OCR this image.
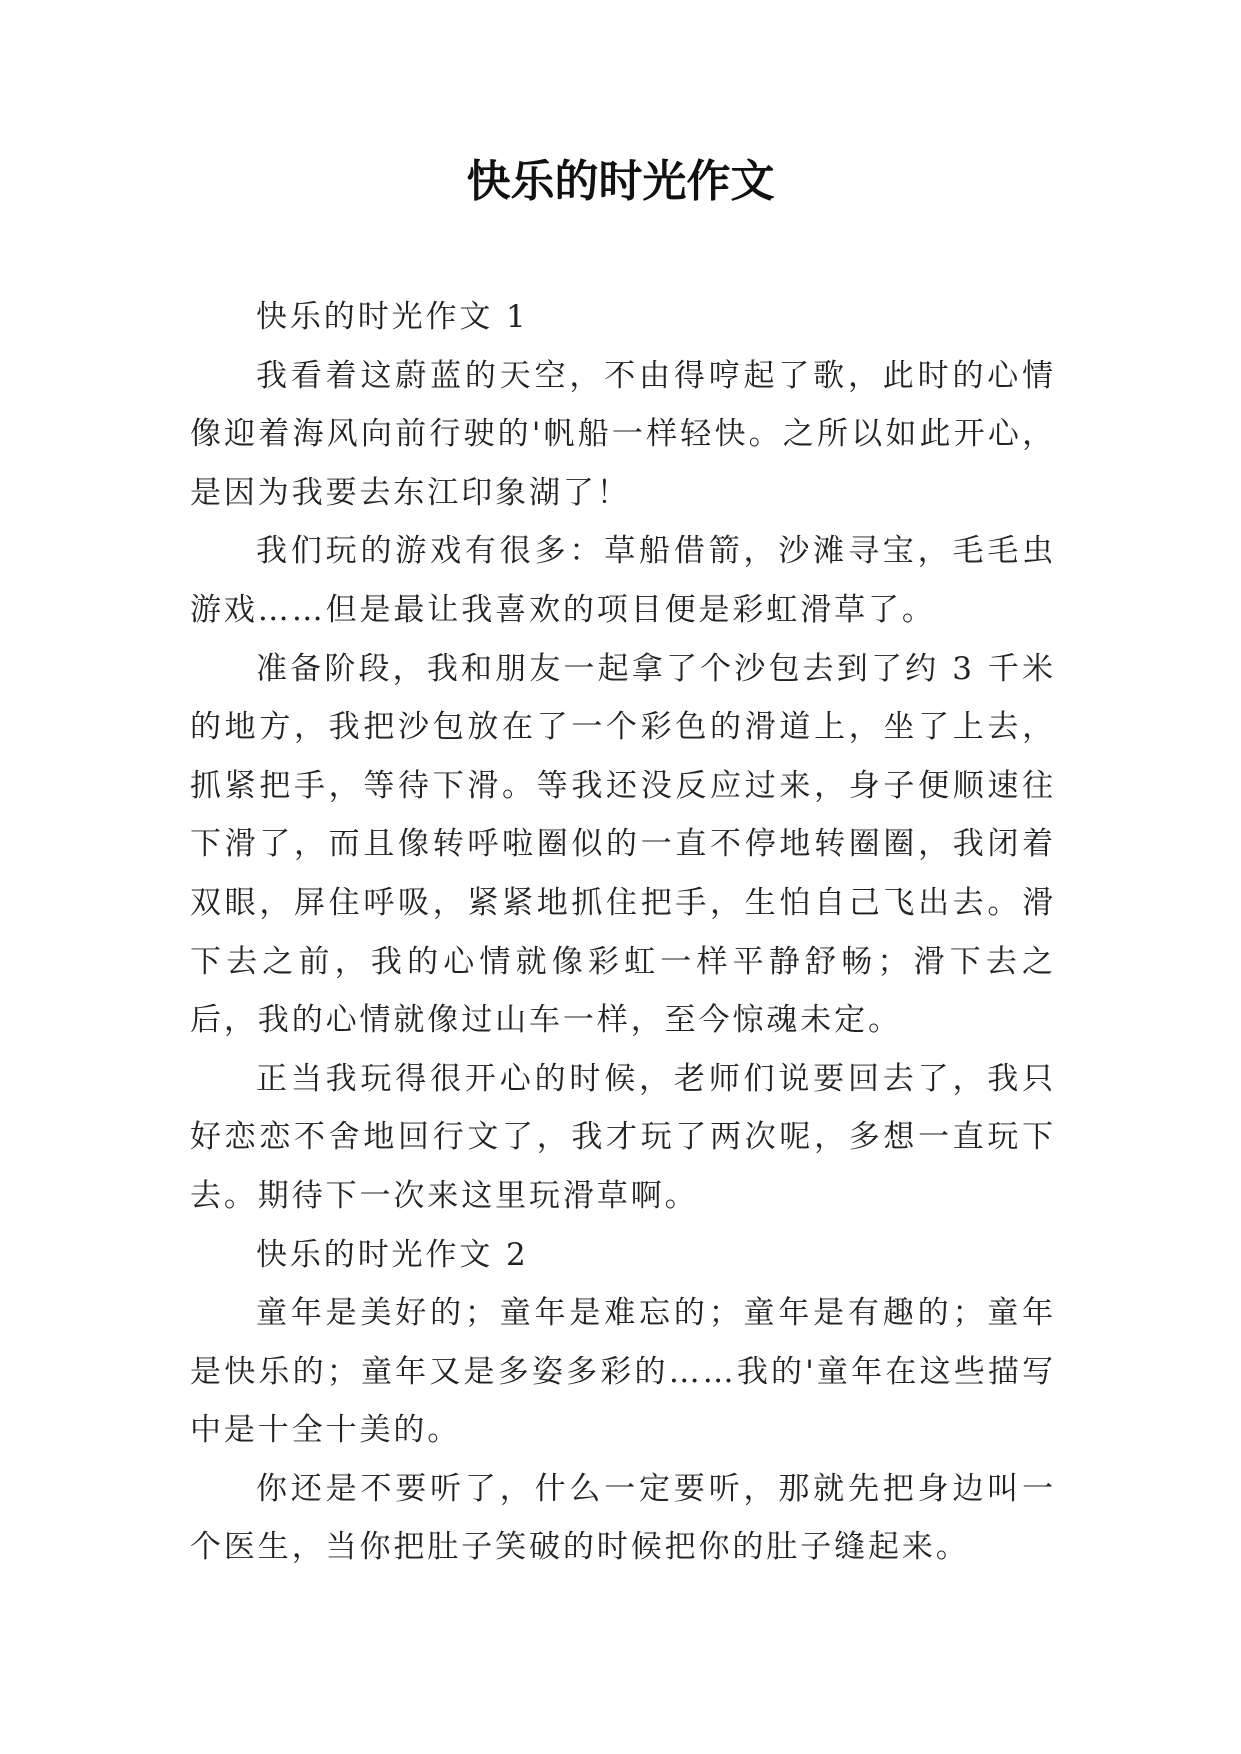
快乐的时光作文

快乐的时光作文 1

我看着这蔚蓝的天空，不由得哼起了歌，此时的心情像迎着海风向前行驶的'帆船一样轻快。之所以如此开心，是因为我要去东江印象湖了！

我们玩的游戏有很多：草船借箭，沙滩寻宝，毛毛虫游戏……但是最让我喜欢的项目便是彩虹滑草了。

准备阶段，我和朋友一起拿了个沙包去到了约 3 千米的地方，我把沙包放在了一个彩色的滑道上，坐了上去，抓紧把手，等待下滑。等我还没反应过来，身子便顺速往下滑了，而且像转呼啦圈似的一直不停地转圈圈，我闭着双眼，屏住呼吸，紧紧地抓住把手，生怕自己飞出去。滑下去之前，我的心情就像彩虹一样平静舒畅；滑下去之后，我的心情就像过山车一样，至今惊魂未定。

正当我玩得很开心的时候，老师们说要回去了，我只好恋恋不舍地回行文了，我才玩了两次呢，多想一直玩下去。期待下一次来这里玩滑草啊。

快乐的时光作文 2

童年是美好的；童年是难忘的；童年是有趣的；童年是快乐的；童年又是多姿多彩的……我的'童年在这些描写中是十全十美的。

你还是不要听了，什么一定要听，那就先把身边叫一个医生，当你把肚子笑破的时候把你的肚子缝起来。
